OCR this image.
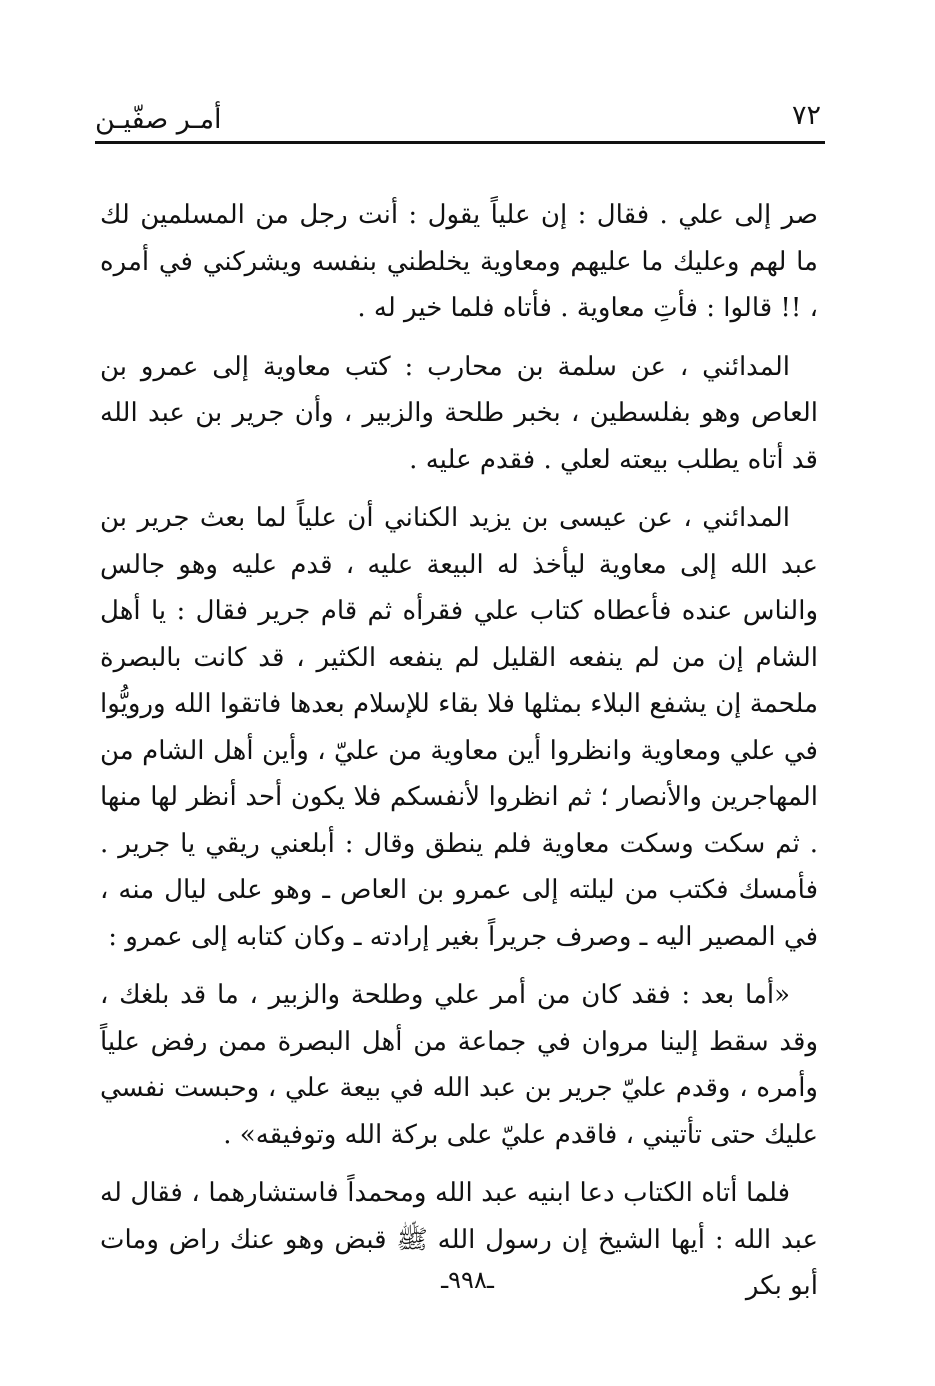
٧٢
أمـر صفّيـن

صر إلى علي . فقال : إن علياً يقول : أنت رجل من المسلمين لك ما لهم وعليك ما عليهم ومعاوية يخلطني بنفسه ويشركني في أمره ، !! قالوا : فأتِ معاوية . فأتاه فلما خير له .

المدائني ، عن سلمة بن محارب : كتب معاوية إلى عمرو بن العاص وهو بفلسطين ، بخبر طلحة والزبير ، وأن جرير بن عبد الله قد أتاه يطلب بيعته لعلي . فقدم عليه .

المدائني ، عن عيسى بن يزيد الكناني أن علياً لما بعث جرير بن عبد الله إلى معاوية ليأخذ له البيعة عليه ، قدم عليه وهو جالس والناس عنده فأعطاه كتاب علي فقرأه ثم قام جرير فقال : يا أهل الشام إن من لم ينفعه القليل لم ينفعه الكثير ، قد كانت بالبصرة ملحمة إن يشفع البلاء بمثلها فلا بقاء للإسلام بعدها فاتقوا الله ورويُّوا في علي ومعاوية وانظروا أين معاوية من عليّ ، وأين أهل الشام من المهاجرين والأنصار ؛ ثم انظروا لأنفسكم فلا يكون أحد أنظر لها منها . ثم سكت وسكت معاوية فلم ينطق وقال : أبلعني ريقي يا جرير . فأمسك فكتب من ليلته إلى عمرو بن العاص ـ وهو على ليال منه ، في المصير اليه ـ وصرف جريراً بغير إرادته ـ وكان كتابه إلى عمرو :

«أما بعد : فقد كان من أمر علي وطلحة والزبير ، ما قد بلغك ، وقد سقط إلينا مروان في جماعة من أهل البصرة ممن رفض علياً وأمره ، وقدم عليّ جرير بن عبد الله في بيعة علي ، وحبست نفسي عليك حتى تأتيني ، فاقدم عليّ على بركة الله وتوفيقه» .

فلما أتاه الكتاب دعا ابنيه عبد الله ومحمداً فاستشارهما ، فقال له عبد الله : أيها الشيخ إن رسول الله ﷺ قبض وهو عنك راض ومات أبو بكر

ـ٩٩٨ـ
